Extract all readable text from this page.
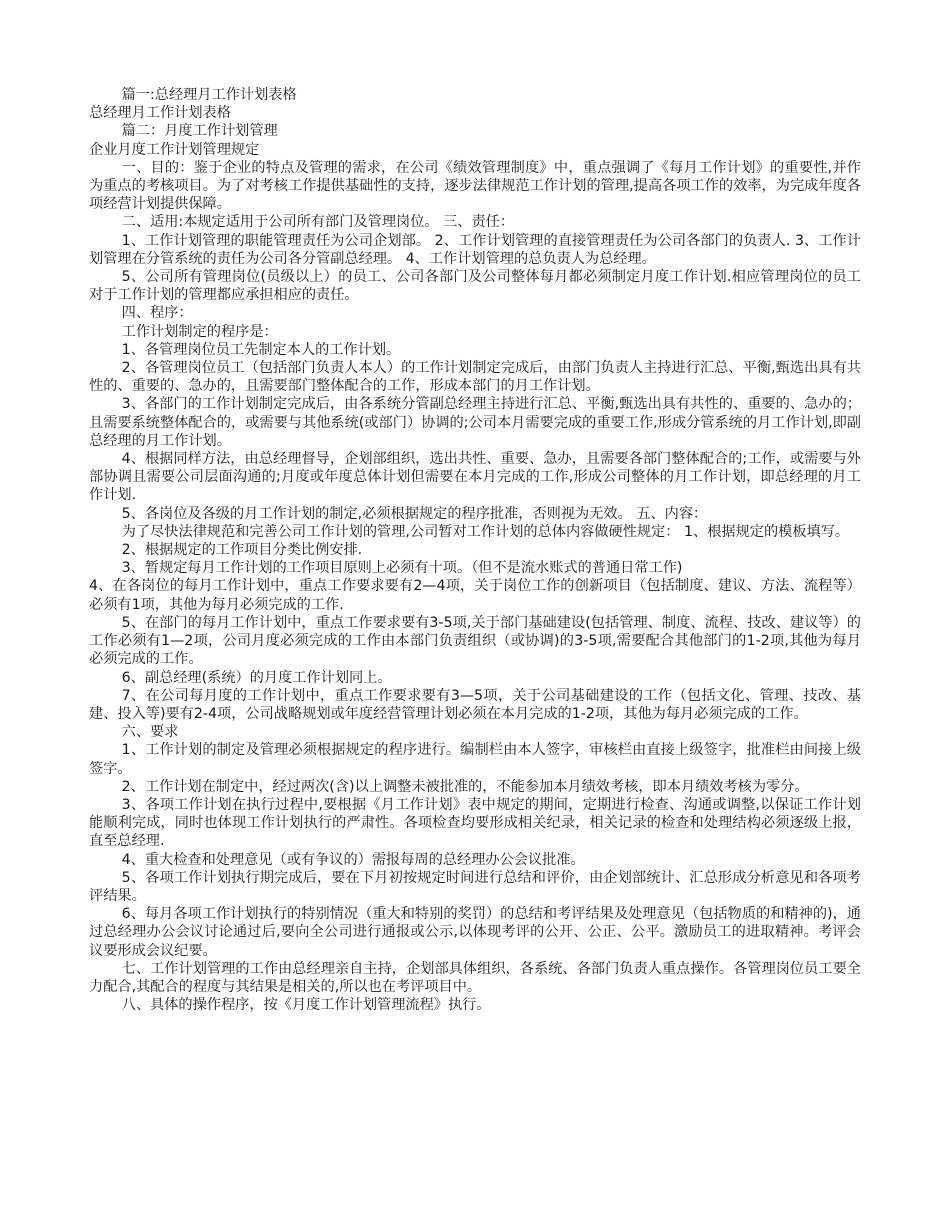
篇一:总经理月工作计划表格

总经理月工作计划表格

篇二：月度工作计划管理

企业月度工作计划管理规定

一、目的：鉴于企业的特点及管理的需求，在公司《绩效管理制度》中，重点强调了《每月工作计划》的重要性,并作为重点的考核项目。为了对考核工作提供基础性的支持，逐步法律规范工作计划的管理,提高各项工作的效率，为完成年度各项经营计划提供保障。

二、适用:本规定适用于公司所有部门及管理岗位。 三、责任：

1、工作计划管理的职能管理责任为公司企划部。 2、工作计划管理的直接管理责任为公司各部门的负责人. 3、工作计划管理在分管系统的责任为公司各分管副总经理。 4、工作计划管理的总负责人为总经理。

5、公司所有管理岗位(员级以上）的员工、公司各部门及公司整体每月都必须制定月度工作计划.相应管理岗位的员工对于工作计划的管理都应承担相应的责任。

四、程序：

工作计划制定的程序是：

1、各管理岗位员工先制定本人的工作计划。

2、各管理岗位员工（包括部门负责人本人）的工作计划制定完成后，由部门负责人主持进行汇总、平衡,甄选出具有共性的、重要的、急办的，且需要部门整体配合的工作，形成本部门的月工作计划。

3、各部门的工作计划制定完成后，由各系统分管副总经理主持进行汇总、平衡,甄选出具有共性的、重要的、急办的；且需要系统整体配合的，或需要与其他系统(或部门）协调的;公司本月需要完成的重要工作,形成分管系统的月工作计划,即副总经理的月工作计划。

4、根据同样方法，由总经理督导，企划部组织，选出共性、重要、急办，且需要各部门整体配合的;工作，或需要与外部协调且需要公司层面沟通的;月度或年度总体计划但需要在本月完成的工作,形成公司整体的月工作计划，即总经理的月工作计划.

5、各岗位及各级的月工作计划的制定,必须根据规定的程序批准，否则视为无效。 五、内容：

为了尽快法律规范和完善公司工作计划的管理,公司暂对工作计划的总体内容做硬性规定： 1、根据规定的模板填写。

2、根据规定的工作项目分类比例安排.

3、暂规定每月工作计划的工作项目原则上必须有十项。（但不是流水账式的普通日常工作)

4、在各岗位的每月工作计划中，重点工作要求要有2—4项，关于岗位工作的创新项目（包括制度、建议、方法、流程等）必须有1项，其他为每月必须完成的工作.

5、在部门的每月工作计划中，重点工作要求要有3-5项,关于部门基础建设(包括管理、制度、流程、技改、建议等）的工作必须有1—2项，公司月度必须完成的工作由本部门负责组织（或协调)的3-5项,需要配合其他部门的1-2项,其他为每月必须完成的工作。

6、副总经理(系统）的月度工作计划同上。

7、在公司每月度的工作计划中，重点工作要求要有3—5项，关于公司基础建设的工作（包括文化、管理、技改、基建、投入等)要有2-4项，公司战略规划或年度经营管理计划必须在本月完成的1-2项，其他为每月必须完成的工作。

六、要求

1、工作计划的制定及管理必须根据规定的程序进行。编制栏由本人签字，审核栏由直接上级签字，批准栏由间接上级签字。

2、工作计划在制定中，经过两次(含)以上调整未被批准的，不能参加本月绩效考核，即本月绩效考核为零分。

3、各项工作计划在执行过程中,要根据《月工作计划》表中规定的期间，定期进行检查、沟通或调整,以保证工作计划能顺利完成，同时也体现工作计划执行的严肃性。各项检查均要形成相关纪录，相关记录的检查和处理结构必须逐级上报，直至总经理.

4、重大检查和处理意见（或有争议的）需报每周的总经理办公会议批准。

5、各项工作计划执行期完成后，要在下月初按规定时间进行总结和评价，由企划部统计、汇总形成分析意见和各项考评结果。

6、每月各项工作计划执行的特别情况（重大和特别的奖罚）的总结和考评结果及处理意见（包括物质的和精神的)，通过总经理办公会议讨论通过后,要向全公司进行通报或公示,以体现考评的公开、公正、公平。激励员工的进取精神。考评会议要形成会议纪要。

七、工作计划管理的工作由总经理亲自主持，企划部具体组织，各系统、各部门负责人重点操作。各管理岗位员工要全力配合,其配合的程度与其结果是相关的,所以也在考评项目中。

八、具体的操作程序，按《月度工作计划管理流程》执行。
